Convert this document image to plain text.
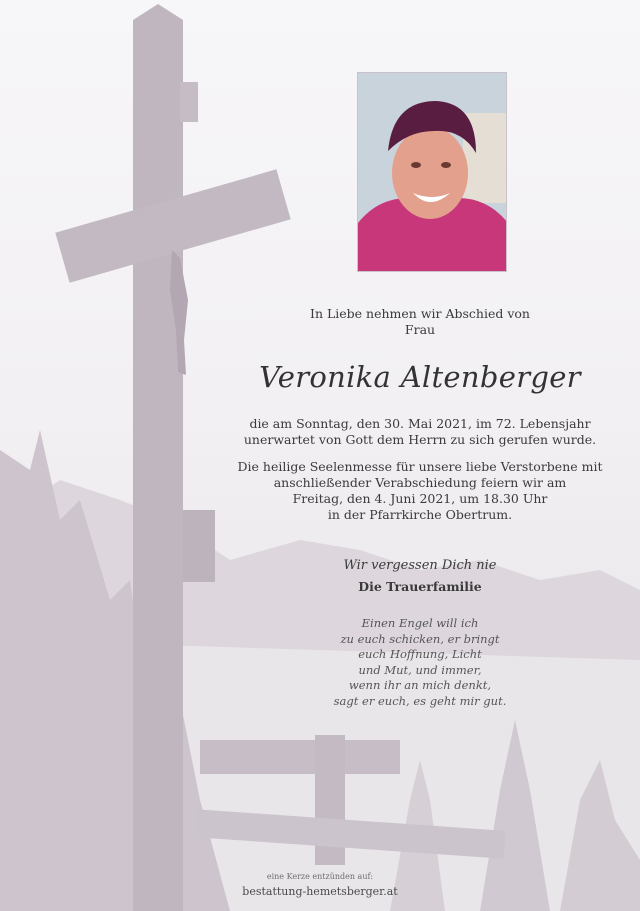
In Liebe nehmen wir Abschied von
Frau
Veronika Altenberger
die am Sonntag, den 30. Mai 2021, im 72. Lebensjahr
unerwartet von Gott dem Herrn zu sich gerufen wurde.
Die heilige Seelenmesse für unsere liebe Verstorbene mit
anschließender Verabschiedung feiern wir am
Freitag, den 4. Juni 2021, um 18.30 Uhr
in der Pfarrkirche Obertrum.
Wir vergessen Dich nie
Die Trauerfamilie
Einen Engel will ich
zu euch schicken, er bringt
euch Hoffnung, Licht
und Mut, und immer,
wenn ihr an mich denkt,
sagt er euch, es geht mir gut.
eine Kerze entzünden auf:
bestattung-hemetsberger.at
